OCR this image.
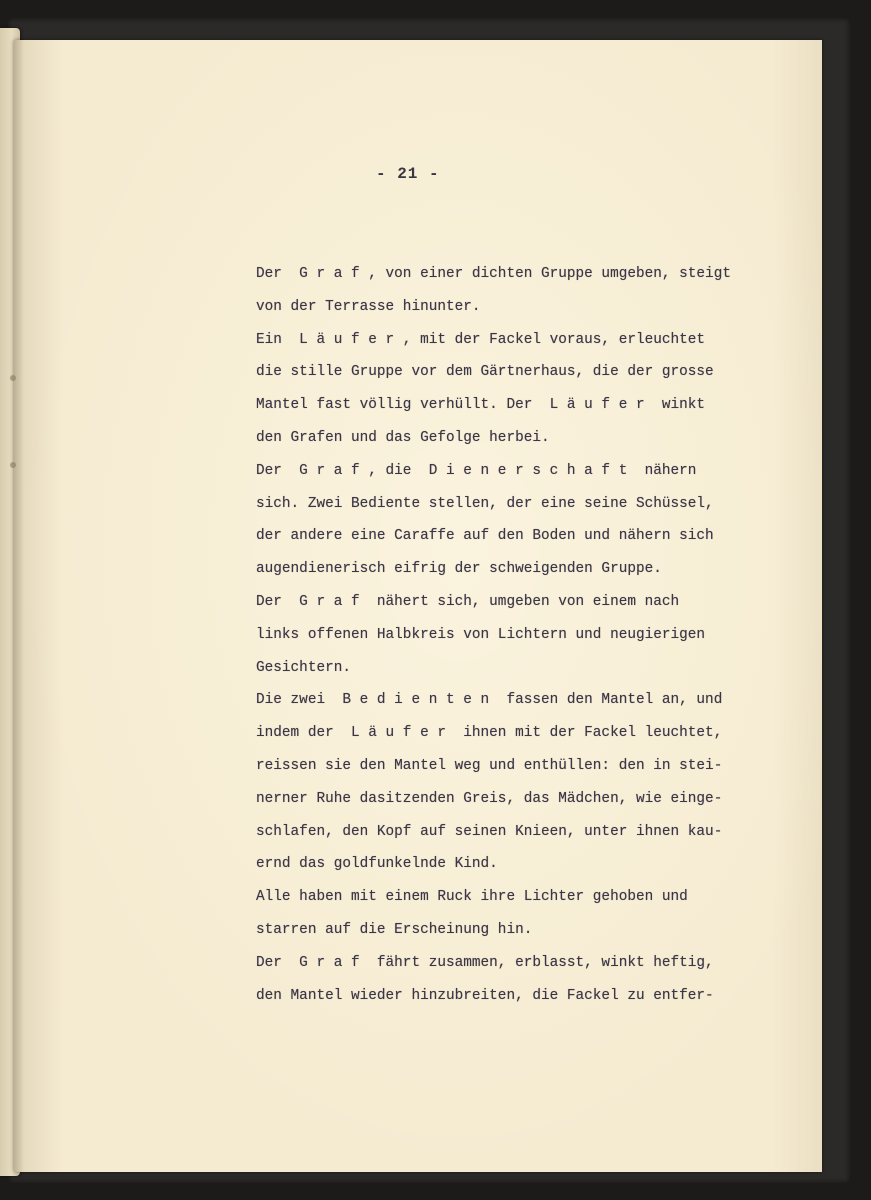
- 21 -
Der  G r a f , von einer dichten Gruppe umgeben, steigt
von der Terrasse hinunter.
Ein  L ä u f e r , mit der Fackel voraus, erleuchtet
die stille Gruppe vor dem Gärtnerhaus, die der grosse
Mantel fast völlig verhüllt. Der  L ä u f e r  winkt
den Grafen und das Gefolge herbei.
Der  G r a f , die  D i e n e r s c h a f t  nähern
sich. Zwei Bediente stellen, der eine seine Schüssel,
der andere eine Caraffe auf den Boden und nähern sich
augendienerisch eifrig der schweigenden Gruppe.
Der  G r a f  nähert sich, umgeben von einem nach
links offenen Halbkreis von Lichtern und neugierigen
Gesichtern.
Die zwei  B e d i e n t e n  fassen den Mantel an, und
indem der  L ä u f e r  ihnen mit der Fackel leuchtet,
reissen sie den Mantel weg und enthüllen: den in stei-
nerner Ruhe dasitzenden Greis, das Mädchen, wie einge-
schlafen, den Kopf auf seinen Knieen, unter ihnen kau-
ernd das goldfunkelnde Kind.
Alle haben mit einem Ruck ihre Lichter gehoben und
starren auf die Erscheinung hin.
Der  G r a f  fährt zusammen, erblasst, winkt heftig,
den Mantel wieder hinzubreiten, die Fackel zu entfer-
